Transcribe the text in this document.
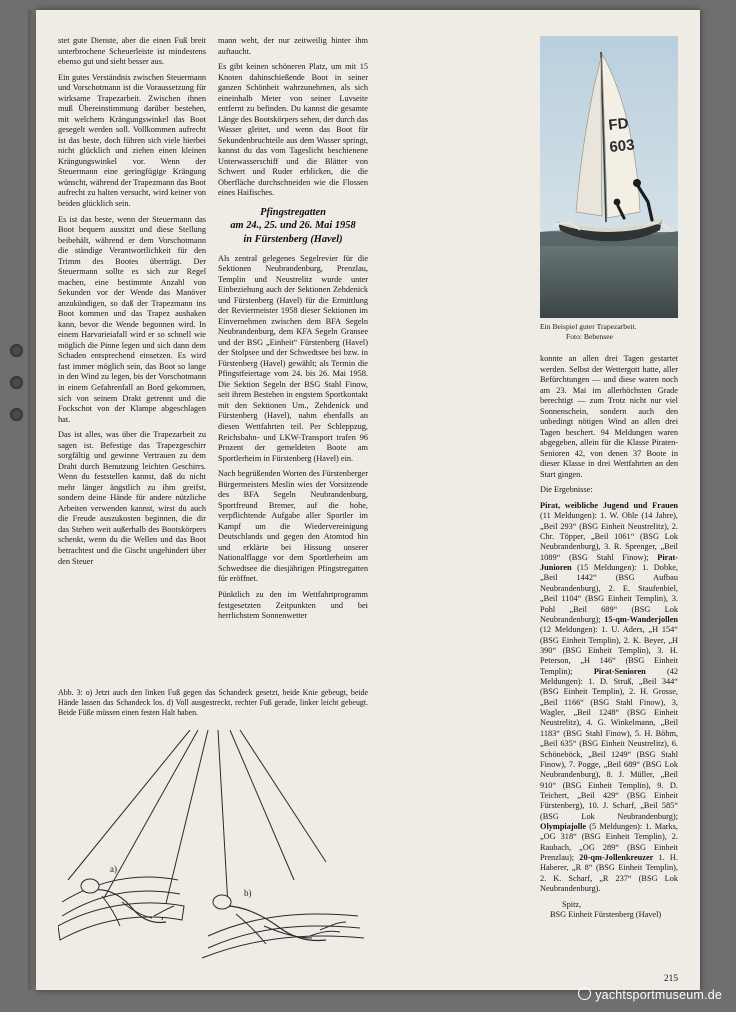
stet gute Dienste, aber die einen Fuß breit unterbrochene Scheuerleiste ist mindestens ebenso gut und sieht besser aus.

Ein gutes Verständnis zwischen Steuermann und Vorschotmann ist die Voraussetzung für wirksame Trapezarbeit. Zwischen ihnen muß Übereinstimmung darüber bestehen, mit welchem Krängungswinkel das Boot gesegelt werden soll. Vollkommen aufrecht ist das beste, doch führen sich viele hierbei nicht glücklich und ziehen einen kleinen Krängungswinkel vor. Wenn der Steuermann eine geringfügige Krängung wünscht, während der Trapezmann das Boot aufrecht zu halten versucht, wird keiner von beiden glücklich sein.

Es ist das beste, wenn der Steuermann das Boot bequem aussitzt und diese Stellung beibehält, während er dem Vorschotmann die ständige Verantwortlichkeit für den Trimm des Bootes überträgt. Der Steuermann sollte es sich zur Regel machen, eine bestimmte Anzahl von Sekunden vor der Wende das Manöver anzukündigen, so daß der Trapezmann ins Boot kommen und das Trapez aushaken kann, bevor die Wende begonnen wird. In einem Harvarieiafall wird er so schnell wie möglich die Pinne legen und sich dann dem Schaden entsprechend einsetzen. Es wird fast immer möglich sein, das Boot so lange in den Wind zu legen, bis der Vorschotmann in einem Gefahrenfall an Bord gekommen, sich von seinem Drakt getrennt und die Fockschot von der Klampe abgeschlagen hat.

Das ist alles, was über die Trapezarbeit zu sagen ist. Befestige das Trapezgeschirr sorgfältig und gewinne Vertrauen zu dem Draht durch Benutzung leichten Geschirrs. Wenn du feststellen kannst, daß du nicht mehr länger ängstlich zu ihm greifst, sondern deine Hände für andere nützliche Arbeiten verwenden kannst, wirst du auch die Freude auszukosten beginnen, die dir das Stehen weit außerhalb des Bootskörpers schenkt, wenn du die Wellen und das Boot betrachtest und die Gischt ungehindert über den Steuer

mann weht, der nur zeitweilig hinter ihm auftaucht.

Es gibt keinen schöneren Platz, um mit 15 Knoten dahinschießende Boot in seiner ganzen Schönheit wahrzunehmen, als sich eineinhalb Meter von seiner Luvseite entfernt zu befinden. Du kannst die gesamte Länge des Bootskörpers sehen, der durch das Wasser gleitet, und wenn das Boot für Sekundenbruchteile aus dem Wasser springt, kannst du das vom Tageslicht beschienene Unterwasserschiff und die Blätter von Schwert und Ruder erblicken, die die Oberfläche durchschneiden wie die Flossen eines Haifisches.

Pfingstregatten
am 24., 25. und 26. Mai 1958
in Fürstenberg (Havel)

Als zentral gelegenes Segelrevier für die Sektionen Neubrandenburg, Prenzlau, Templin und Neustrelitz wurde unter Einbeziehung auch der Sektionen Zehdenick und Fürstenberg (Havel) für die Ermittlung der Reviermeister 1958 dieser Sektionen im Einvernehmen zwischen dem BFA Segeln Neubrandenburg, dem KFA Segeln Gransee und der BSG „Einheit“ Fürstenberg (Havel) der Stolpsee und der Schwedtsee bei bzw. in Fürstenberg (Havel) gewählt; als Termin die Pfingstfeiertage vom 24. bis 26. Mai 1958. Die Sektion Segeln der BSG Stahl Finow, seit ihrem Bestehen in engstem Sportkontakt mit den Sektionen Um., Zehdenick und Fürstenberg (Havel), nahm ebenfalls an diesen Wettfahrten teil. Per Schleppzug, Reichsbahn- und LKW-Transport trafen 96 Prozent der gemeldeten Boote am Sportlerheim in Fürstenberg (Havel) ein.

Nach begrüßenden Worten des Fürstenberger Bürgermeisters Meslin wies der Vorsitzende des BFA Segeln Neubrandenburg, Sportfreund Bremer, auf die hohe, verpflichtende Aufgabe aller Sportler im Kampf um die Wiedervereinigung Deutschlands und gegen den Atomtod hin und erklärte bei Hissung unserer Nationalflagge vor dem Sportlerheim am Schwedtsee die diesjährigen Pfingstregatten für eröffnet.

Pünktlich zu den im Wettfahrtprogramm festgesetzten Zeitpunkten und bei herrlichstem Sonnenwetter

FD
603
Ein Beispiel guter Trapezarbeit.
Foto: Bebensee

konnte an allen drei Tagen gestartet werden. Selbst der Wettergott hatte, aller Befürchtungen — und diese waren noch am 23. Mai im allerhöchsten Grade berechtigt — zum Trotz nicht nur viel Sonnenschein, sondern auch den unbedingt nötigen Wind an allen drei Tagen beschert. 94 Meldungen waren abgegeben, allein für die Klasse Piraten-Senioren 42, von denen 37 Boote in dieser Klasse in drei Wettfahrten an den Start gingen.

Die Ergebnisse:

Pirat, weibliche Jugend und Frauen (11 Meldungen): 1. W. Ohle (14 Jahre), „Beil 293“ (BSG Einheit Neustrelitz), 2. Chr. Töpper, „Beil 1061“ (BSG Lok Neubrandenburg), 3. R. Sprenger, „Beil 1089“ (BSG Stahl Finow); Pirat-Junioren (15 Meldungen): 1. Dobke, „Beil 1442“ (BSG Aufbau Neubrandenburg), 2. E. Staufenbiel, „Beil 1104“ (BSG Einheit Templin), 3. Pohl „Beil 689“ (BSG Lok Neubrandenburg); 15-qm-Wanderjollen (12 Meldungen): 1. U. Aders, „H 154“ (BSG Einheit Templin), 2. K. Beyer, „H 390“ (BSG Einheit Templin), 3. H. Peterson, „H 146“ (BSG Einheit Templin);	Pirat-Senioren	(42 Meldungen): 1. D. Struß, „Beil 344“ (BSG Einheit Templin), 2. H. Grosse, „Beil 1166“ (BSG Stahl Finow), 3, Wagler, „Beil 1248“ (BSG Einheit Neustrelitz), 4. G. Winkelmann, „Beil 1183“ (BSG Stahl Finow), 5. H. Böhm, „Beil 635“ (BSG Einheit Neustrelitz), 6. Schöneböck, „Beil 1249“ (BSG Stahl Finow), 7. Pogge, „Beil 689“ (BSG Lok Neubrandenburg), 8. J. Müller, „Beil 910“ (BSG Einheit Templin), 9. D. Teichert, „Beil 429“ (BSG Einheit Fürstenberg), 10. J. Scharf, „Beil 585“ (BSG Lok Neubrandenburg); Olympiajolle (5 Meldungen): 1. Marks, „OG 318“ (BSG Einheit Templin), 2. Raubach, „OG 289“ (BSG Einheit Prenzlau); 20-qm-Jollenkreuzer 1. H. Haberer, „R 8“ (BSG Einheit Templin), 2. K. Scharf, „R 237“ (BSG Lok Neubrandenburg).
Spitz,
BSG Einheit Fürstenberg (Havel)
Abb. 3: o) Jetzt auch den linken Fuß gegen das Schandeck gesetzt, beide Knie gebeugt, beide Hände lassen das Schandeck los. d) Voll ausgestreckt, rechter Fuß gerade, linker leicht gebeugt. Beide Füße müssen einen festen Halt haben.
a)
b)
215
yachtsportmuseum.de
